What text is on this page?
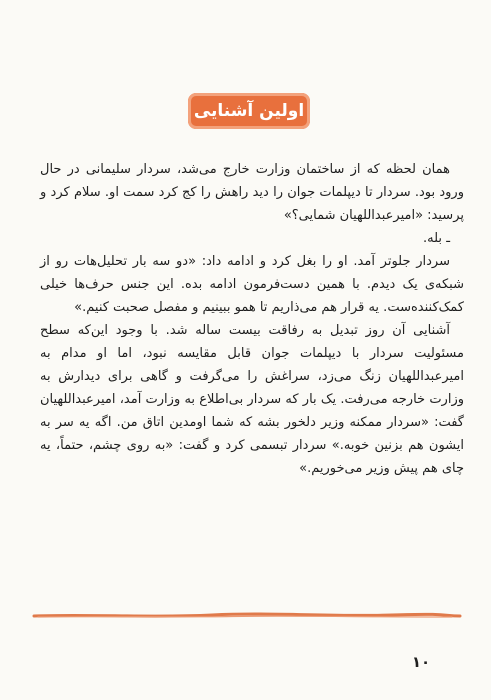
اولین آشنایی

همان لحظه که از ساختمان وزارت خارج می‌شد، سردار سلیمانی در حال ورود بود. سردار تا دیپلمات جوان را دید راهش را کج کرد سمت او. سلام کرد و پرسید: «امیرعبداللهیان شمایی؟»

ـ بله.

سردار جلوتر آمد. او را بغل کرد و ادامه داد: «دو سه بار تحلیل‌هات رو از شبکه‌ی یک دیدم. با همین دست‌فرمون ادامه بده. این جنس حرف‌ها خیلی کمک‌کننده‌ست. یه قرار هم می‌ذاریم تا همو ببینیم و مفصل صحبت کنیم.»

آشنایی آن روز تبدیل به رفاقت بیست ساله شد. با وجود این‌که سطح مسئولیت سردار با دیپلمات جوان قابل مقایسه نبود، اما او مدام به امیرعبداللهیان زنگ می‌زد، سراغش را می‌گرفت و گاهی برای دیدارش به وزارت خارجه می‌رفت. یک بار که سردار بی‌اطلاع به وزارت آمد، امیرعبداللهیان گفت: «سردار ممکنه وزیر دلخور بشه که شما اومدین اتاق من. اگه یه سر به ایشون هم بزنین خوبه.» سردار تبسمی کرد و گفت: «به روی چشم، حتماً، یه چای هم پیش وزیر می‌خوریم.»

۱۰
